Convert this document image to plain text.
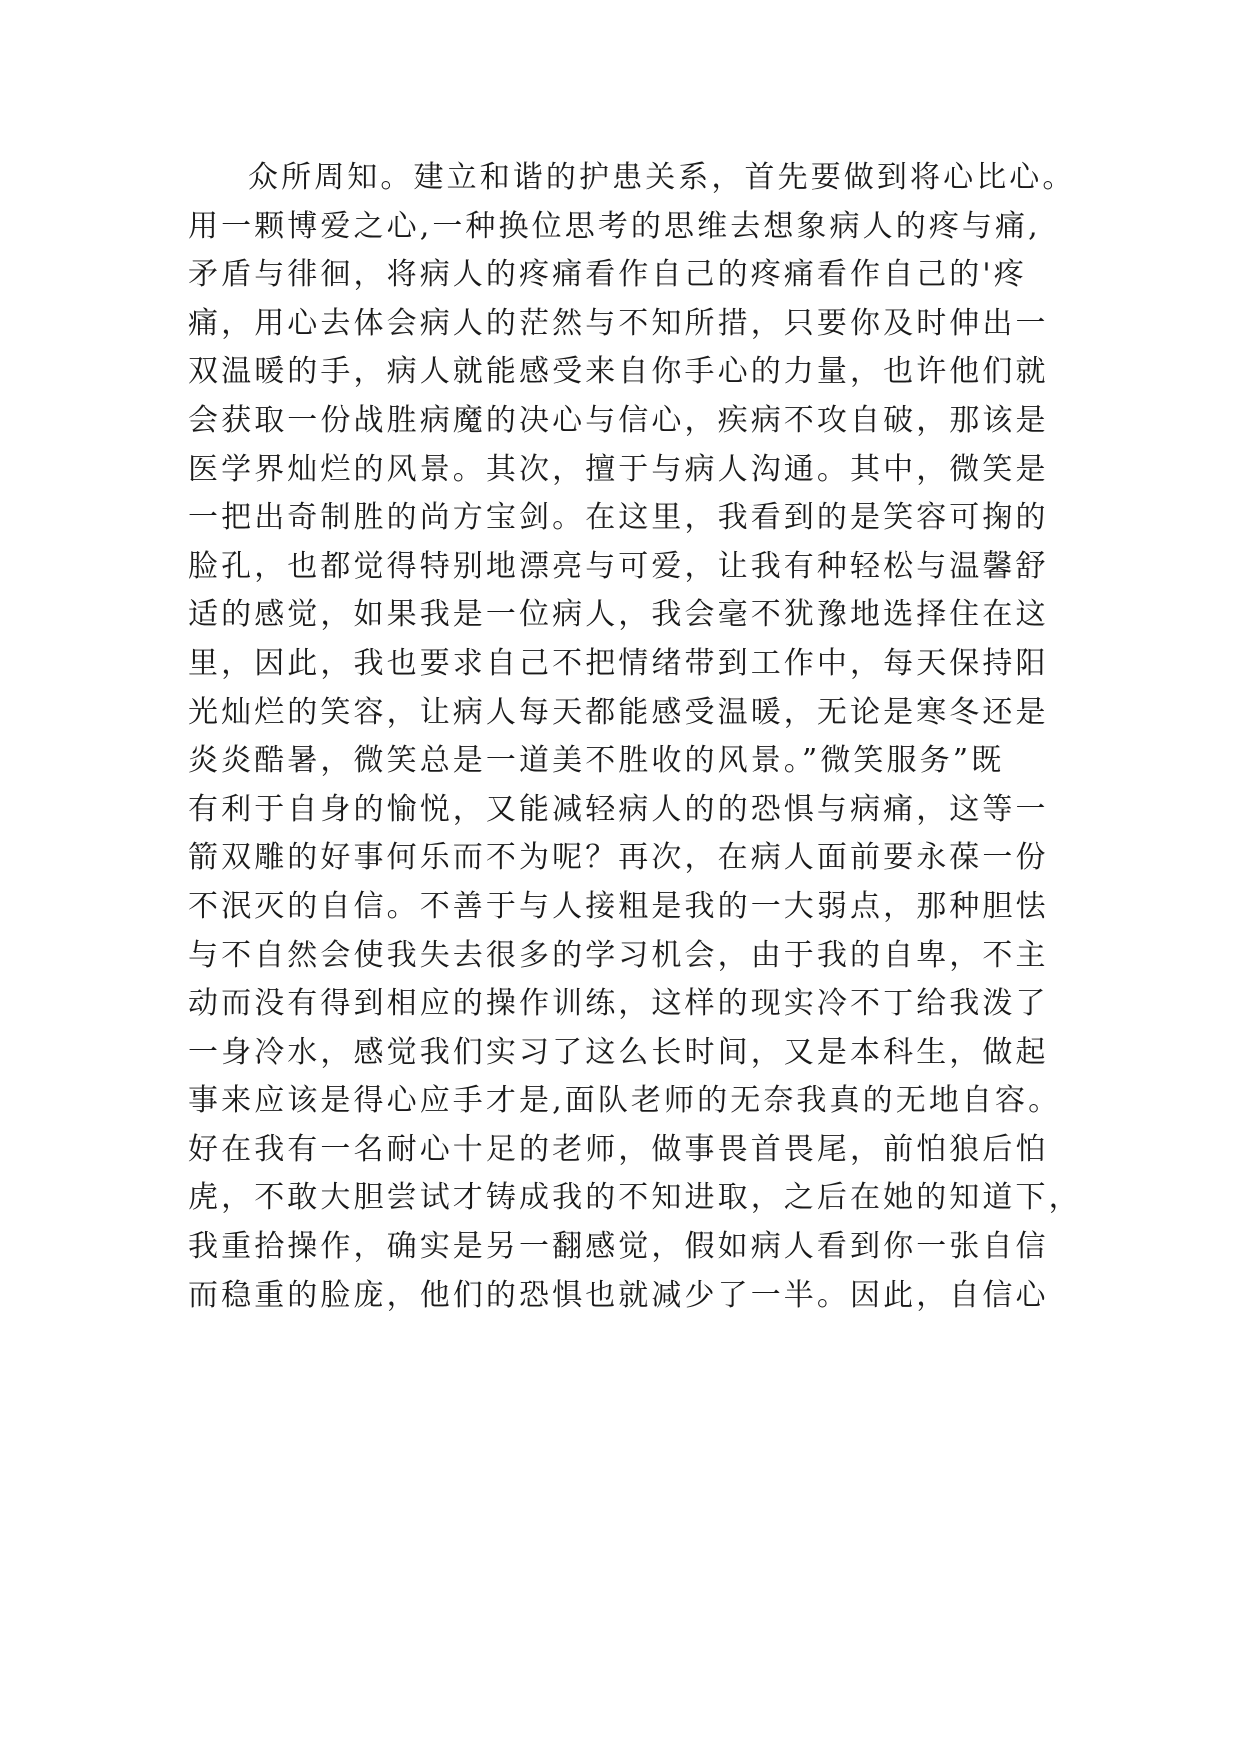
众所周知。建立和谐的护患关系，首先要做到将心比心。
用一颗博爱之心,一种换位思考的思维去想象病人的疼与痛,
矛盾与徘徊，将病人的疼痛看作自己的疼痛看作自己的'疼
痛，用心去体会病人的茫然与不知所措，只要你及时伸出一
双温暖的手，病人就能感受来自你手心的力量，也许他们就
会获取一份战胜病魔的决心与信心，疾病不攻自破，那该是
医学界灿烂的风景。其次，擅于与病人沟通。其中，微笑是
一把出奇制胜的尚方宝剑。在这里，我看到的是笑容可掬的
脸孔，也都觉得特别地漂亮与可爱，让我有种轻松与温馨舒
适的感觉，如果我是一位病人，我会毫不犹豫地选择住在这
里，因此，我也要求自己不把情绪带到工作中，每天保持阳
光灿烂的笑容，让病人每天都能感受温暖，无论是寒冬还是
炎炎酷暑，微笑总是一道美不胜收的风景。”微笑服务”既
有利于自身的愉悦，又能减轻病人的的恐惧与病痛，这等一
箭双雕的好事何乐而不为呢？再次，在病人面前要永葆一份
不泯灭的自信。不善于与人接粗是我的一大弱点，那种胆怯
与不自然会使我失去很多的学习机会，由于我的自卑，不主
动而没有得到相应的操作训练，这样的现实冷不丁给我泼了
一身冷水，感觉我们实习了这么长时间，又是本科生，做起
事来应该是得心应手才是,面队老师的无奈我真的无地自容。
好在我有一名耐心十足的老师，做事畏首畏尾，前怕狼后怕
虎，不敢大胆尝试才铸成我的不知进取，之后在她的知道下，
我重拾操作，确实是另一翻感觉，假如病人看到你一张自信
而稳重的脸庞，他们的恐惧也就减少了一半。因此，自信心
